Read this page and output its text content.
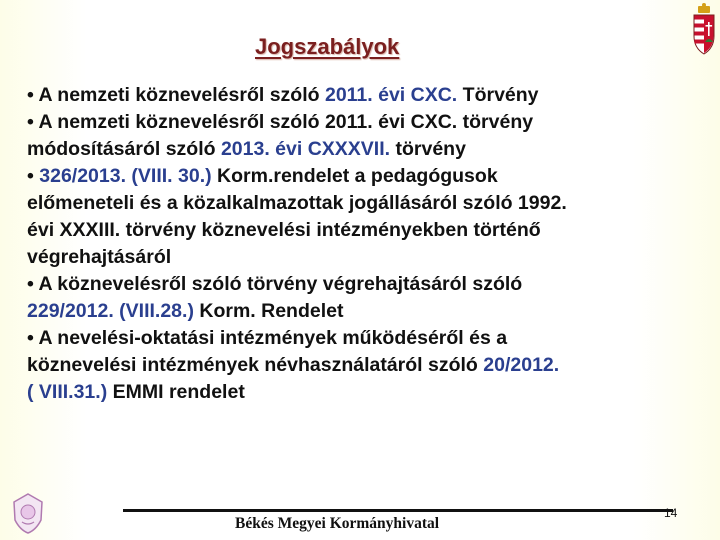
Jogszabályok
• A nemzeti köznevelésről szóló 2011. évi CXC. Törvény
• A nemzeti köznevelésről szóló 2011. évi CXC. törvény
módosításáról szóló 2013. évi CXXXVII. törvény
• 326/2013. (VIII. 30.) Korm.rendelet a pedagógusok
előmeneteli és a közalkalmazottak jogállásáról szóló 1992.
évi XXXIII. törvény köznevelési intézményekben történő
végrehajtásáról
• A köznevelésről szóló törvény végrehajtásáról szóló
229/2012. (VIII.28.) Korm. Rendelet
• A nevelési-oktatási intézmények működéséről és a
köznevelési intézmények névhasználatáról szóló 20/2012.
( VIII.31.) EMMI rendelet
Békés Megyei Kormányhivatal
14
